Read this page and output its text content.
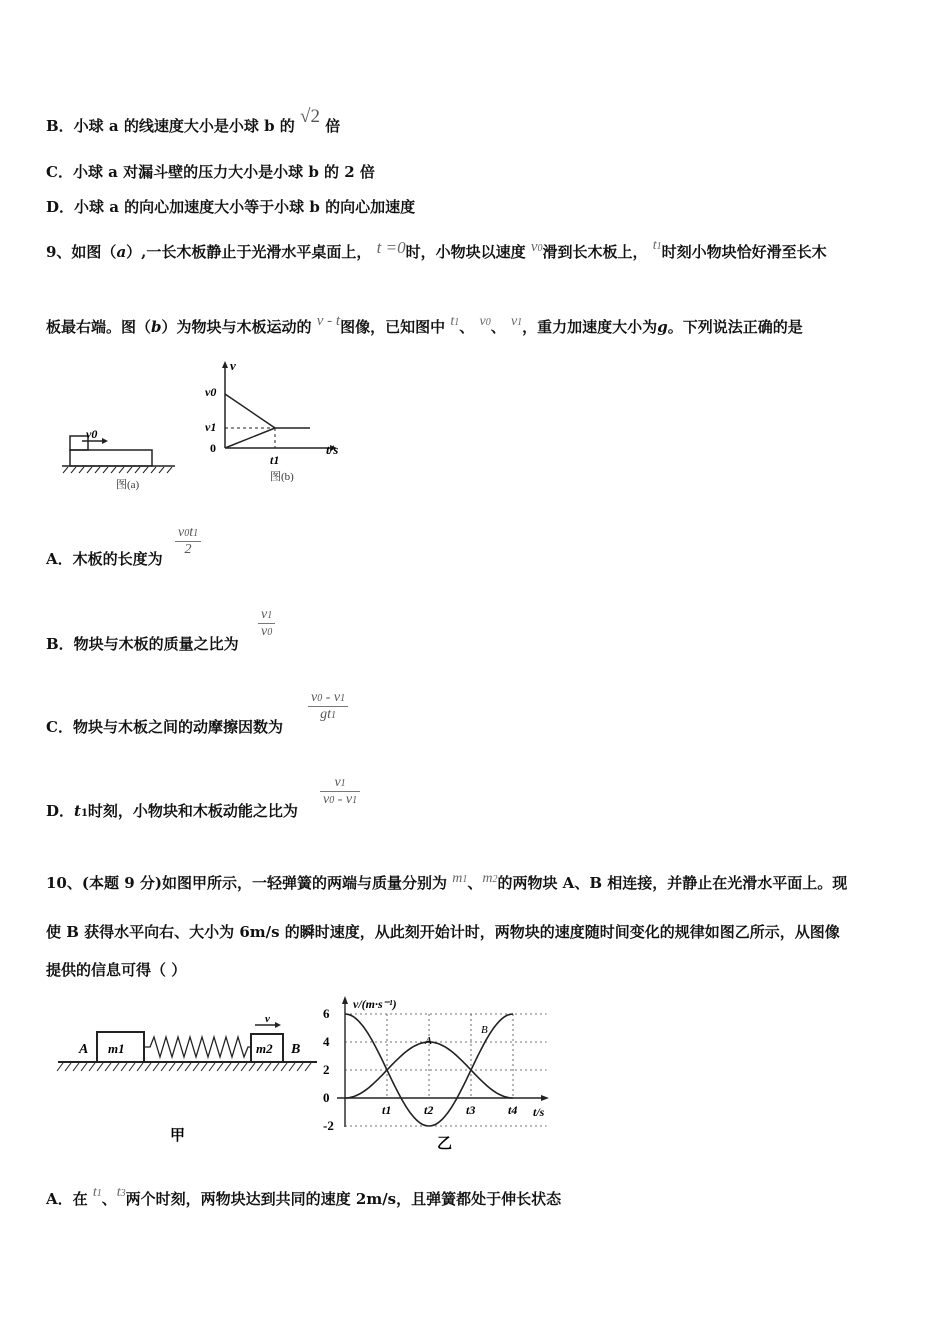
B．小球 a 的线速度大小是小球 b 的 √2 倍
C．小球 a 对漏斗壁的压力大小是小球 b 的 2 倍
D．小球 a 的向心加速度大小等于小球 b 的向心加速度
9、如图（a）,一长木板静止于光滑水平桌面上， t =0时，小物块以速度 v0滑到长木板上， t1时刻小物块恰好滑至长木
板最右端。图（b）为物块与木板运动的 v - t图像，已知图中 t1、 v0、 v1，重力加速度大小为g。下列说法正确的是
v0
图(a)
v
t/s
v0
v1
0
t1
图(b)
A．木板的长度为
v0t1
2
B．物块与木板的质量之比为
v1
v0
C．物块与木板之间的动摩擦因数为
v0 - v1
gt1
D．t1时刻，小物块和木板动能之比为
v1
v0 - v1
10、(本题 9 分)如图甲所示，一轻弹簧的两端与质量分别为 m1、m2的两物块 A、B 相连接，并静止在光滑水平面上。现
使 B 获得水平向右、大小为 6m/s 的瞬时速度，从此刻开始计时，两物块的速度随时间变化的规律如图乙所示，从图像
提供的信息可得（ ）
m1
A	m2 B
v
甲
v/(m·s⁻¹)
t/s
6
4
2
0
-2
t1	t2	t3	t4
A
B
乙
A．在 t1、t3两个时刻，两物块达到共同的速度 2m/s，且弹簧都处于伸长状态
